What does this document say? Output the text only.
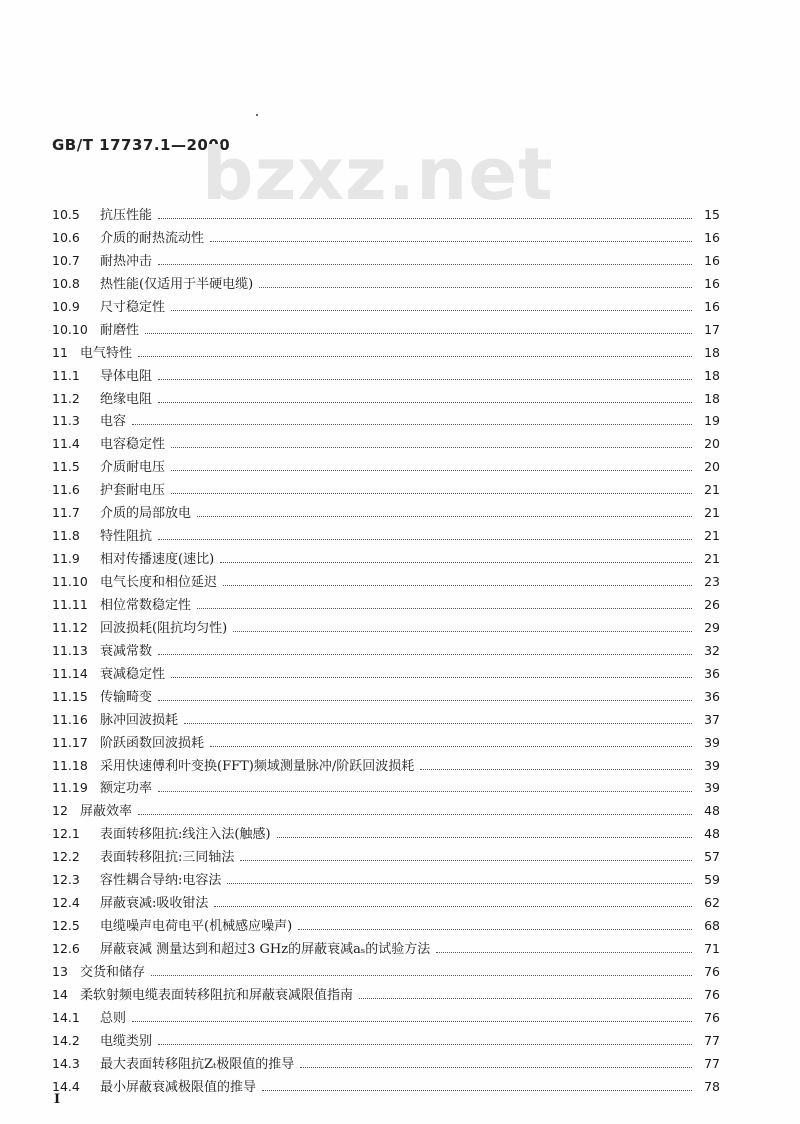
GB/T 17737.1—2000
bzxz.net
10.5	抗压性能	15
10.6	介质的耐热流动性	16
10.7	耐热冲击	16
10.8	热性能(仅适用于半硬电缆)	16
10.9	尺寸稳定性	16
10.10 耐磨性	17
11 电气特性	18
11.1	导体电阻	18
11.2	绝缘电阻	18
11.3	电容	19
11.4	电容稳定性	20
11.5	介质耐电压	20
11.6	护套耐电压	21
11.7	介质的局部放电	21
11.8	特性阻抗	21
11.9	相对传播速度(速比)	21
11.10 电气长度和相位延迟	23
11.11 相位常数稳定性	26
11.12 回波损耗(阻抗均匀性)	29
11.13 衰减常数	32
11.14 衰减稳定性	36
11.15 传输畸变	36
11.16 脉冲回波损耗	37
11.17 阶跃函数回波损耗	39
11.18 采用快速傅利叶变换(FFT)频域测量脉冲/阶跃回波损耗	39
11.19 额定功率	39
12 屏蔽效率	48
12.1	表面转移阻抗:线注入法(触感)	48
12.2	表面转移阻抗:三同轴法	57
12.3	容性耦合导纳:电容法	59
12.4	屏蔽衰减:吸收钳法	62
12.5	电缆噪声电荷电平(机械感应噪声)	68
12.6	屏蔽衰减 测量达到和超过3 GHz的屏蔽衰减aₛ的试验方法	71
13 交货和储存	76
14 柔软射频电缆表面转移阻抗和屏蔽衰减限值指南	76
14.1	总则	76
14.2	电缆类别	77
14.3	最大表面转移阻抗Zₜ极限值的推导	77
14.4	最小屏蔽衰减极限值的推导	78
I
